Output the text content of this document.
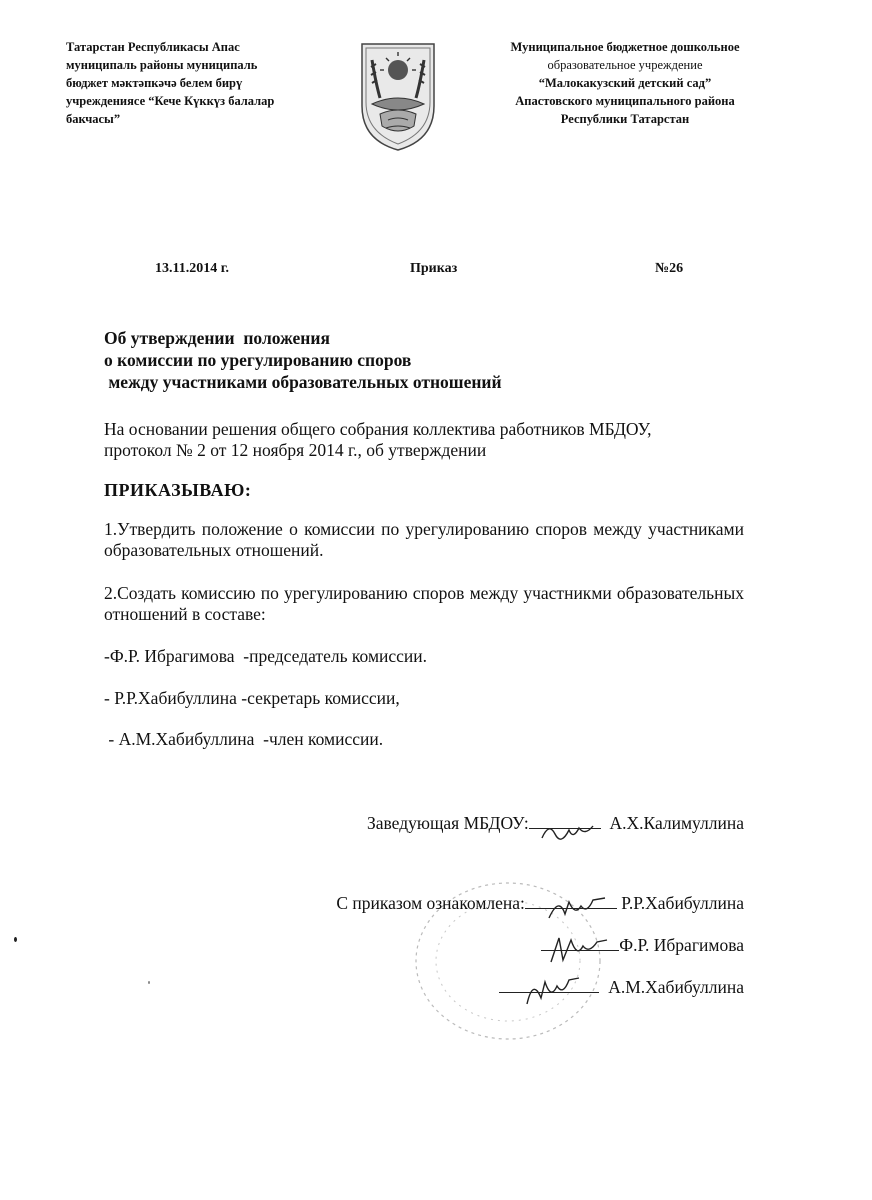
Татарстан Республикасы Апас
муниципаль районы муниципаль
бюджет мәктәпкәчә белем бирү
учреждениясе “Кече Күккүз балалар
бакчасы”
Муниципальное бюджетное дошкольное
образовательное учреждение
“Малокакузский детский сад”
Апастовского муниципального района
Республики Татарстан
13.11.2014 г.	Приказ	№26
Об утверждении  положения
о комиссии по урегулированию споров
между участниками образовательных отношений
На основании решения общего собрания коллектива работников МБДОУ,
протокол № 2 от 12 ноября 2014 г., об утверждении
ПРИКАЗЫВАЮ:
1.Утвердить положение о комиссии по урегулированию споров между участниками образовательных отношений.
2.Создать комиссию по урегулированию споров между участникми образовательных отношений в составе:
-Ф.Р. Ибрагимова  -председатель комиссии.
- Р.Р.Хабибуллина -секретарь комиссии,
- А.М.Хабибуллина  -член комиссии.
Заведующая МБДОУ:	А.Х.Калимуллина
С приказом ознакомлена:	Р.Р.Хабибуллина
Ф.Р. Ибрагимова
А.М.Хабибуллина
